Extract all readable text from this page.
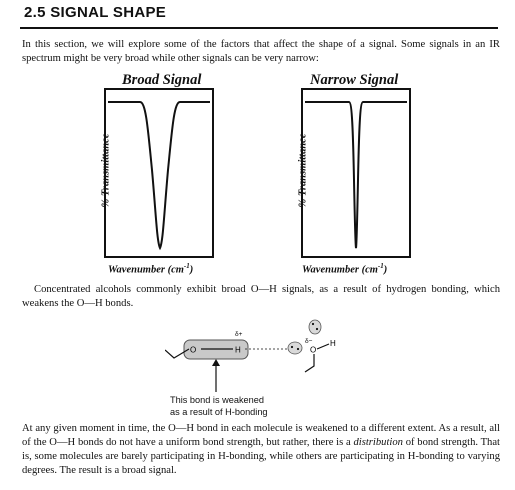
2.5 SIGNAL SHAPE

In this section, we will explore some of the factors that affect the shape of a signal. Some signals in an IR spectrum might be very broad while other signals can be very narrow:

Broad Signal
% Transmittance
Wavenumber $(cm^{-1})$
Narrow Signal
% Transmittance
Wavenumber $(cm^{-1})$

Concentrated alcohols commonly exhibit broad O—H signals, as a result of hydrogen bonding, which weakens the O—H bonds.

O	H
δ+
δ−
O
H
This bond is weakened
as a result of H-bonding

At any given moment in time, the O—H bond in each molecule is weakened to a different extent. As a result, all of the O—H bonds do not have a uniform bond strength, but rather, there is a distribution of bond strength. That is, some molecules are barely participating in H-bonding, while others are participating in H-bonding to varying degrees. The result is a broad signal.
